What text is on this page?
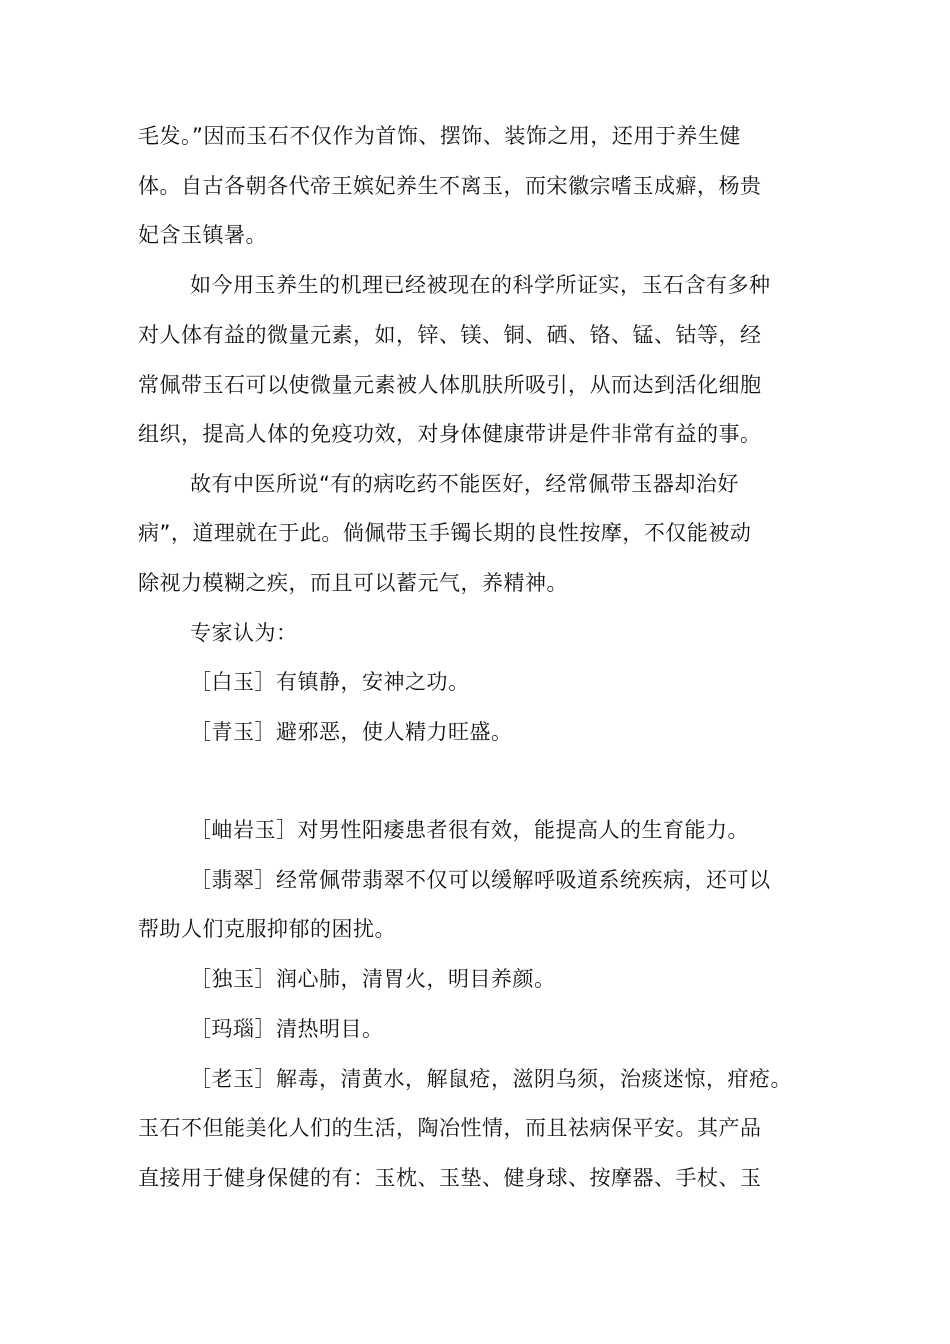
毛发。”因而玉石不仅作为首饰、摆饰、装饰之用，还用于养生健
体。自古各朝各代帝王嫔妃养生不离玉，而宋徽宗嗜玉成癖，杨贵
妃含玉镇暑。
如今用玉养生的机理已经被现在的科学所证实，玉石含有多种
对人体有益的微量元素，如，锌、镁、铜、硒、铬、锰、钴等，经
常佩带玉石可以使微量元素被人体肌肤所吸引，从而达到活化细胞
组织，提高人体的免疫功效，对身体健康带讲是件非常有益的事。
故有中医所说“有的病吃药不能医好，经常佩带玉器却治好
病”，道理就在于此。倘佩带玉手镯长期的良性按摩，不仅能被动
除视力模糊之疾，而且可以蓄元气，养精神。
专家认为：
［白玉］有镇静，安神之功。
［青玉］避邪恶，使人精力旺盛。
［岫岩玉］对男性阳痿患者很有效，能提高人的生育能力。
［翡翠］经常佩带翡翠不仅可以缓解呼吸道系统疾病，还可以
帮助人们克服抑郁的困扰。
［独玉］润心肺，清胃火，明目养颜。
［玛瑙］清热明目。
［老玉］解毒，清黄水，解鼠疮，滋阴乌须，治痰迷惊，疳疮。
玉石不但能美化人们的生活，陶冶性情，而且祛病保平安。其产品
直接用于健身保健的有：玉枕、玉垫、健身球、按摩器、手杖、玉
